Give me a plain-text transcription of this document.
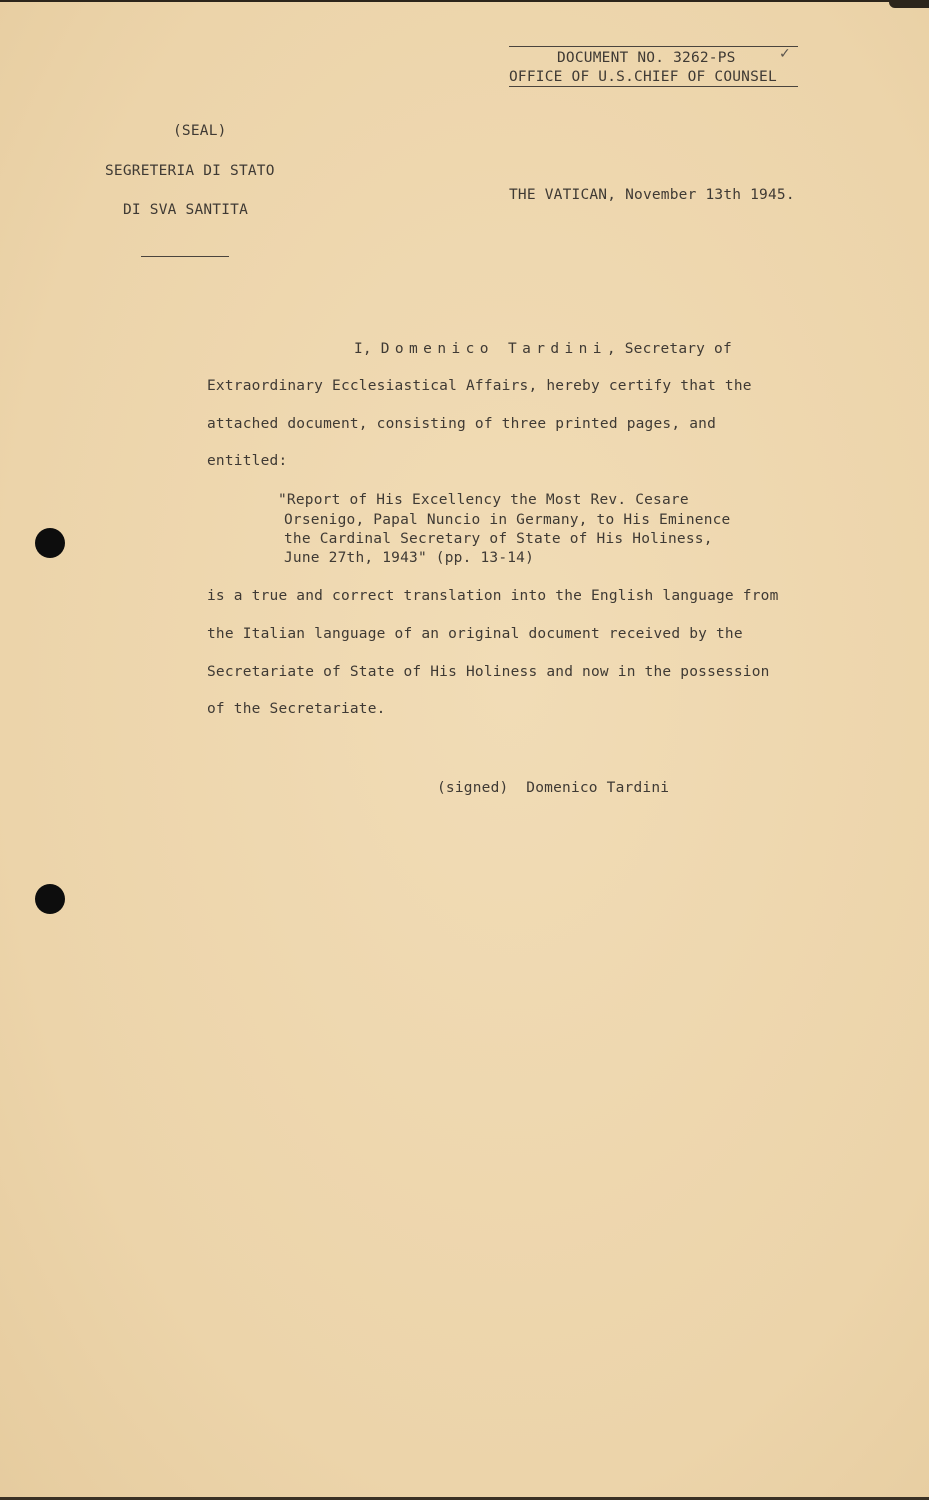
DOCUMENT NO. 3262-PS	✓
OFFICE OF U.S.CHIEF OF COUNSEL
(SEAL)
SEGRETERIA DI STATO
DI SVA SANTITA
THE VATICAN, November 13th 1945.
I, Domenico Tardini, Secretary of
Extraordinary Ecclesiastical Affairs, hereby certify that the
attached document, consisting of three printed pages, and
entitled:
"Report of His Excellency the Most Rev. Cesare
Orsenigo, Papal Nuncio in Germany, to His Eminence
the Cardinal Secretary of State of His Holiness,
June 27th, 1943" (pp. 13-14)
is a true and correct translation into the English language from
the Italian language of an original document received by the
Secretariate of State of His Holiness and now in the possession
of the Secretariate.
(signed)  Domenico Tardini
